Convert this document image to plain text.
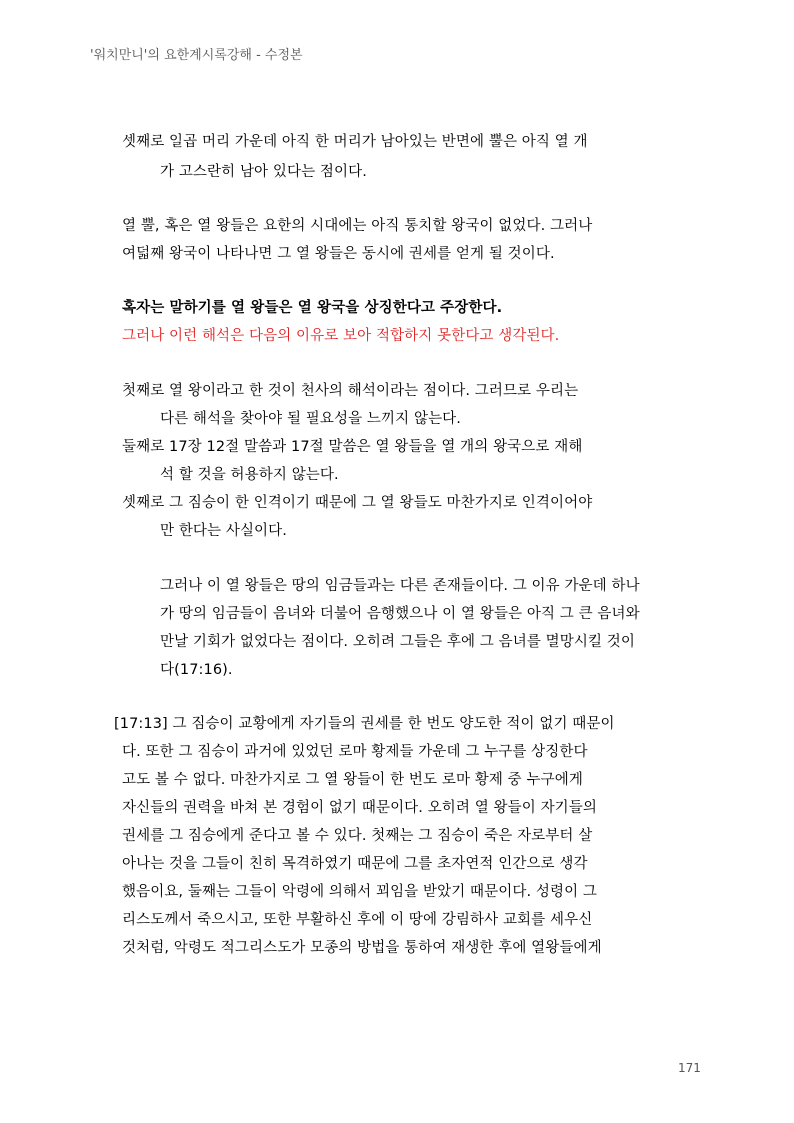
'워치만니'의 요한계시록강해 - 수정본
셋째로 일곱 머리 가운데 아직 한 머리가 남아있는 반면에 뿔은 아직 열 개
가 고스란히 남아 있다는 점이다.
열 뿔, 혹은 열 왕들은 요한의 시대에는 아직 통치할 왕국이 없었다. 그러나
여덟째 왕국이 나타나면 그 열 왕들은 동시에 권세를 얻게 될 것이다.
혹자는 말하기를 열 왕들은 열 왕국을 상징한다고 주장한다.
그러나 이런 해석은 다음의 이유로 보아 적합하지 못한다고 생각된다.
첫째로 열 왕이라고 한 것이 천사의 해석이라는 점이다. 그러므로 우리는
다른 해석을 찾아야 될 필요성을 느끼지 않는다.
둘째로 17장 12절 말씀과 17절 말씀은 열 왕들을 열 개의 왕국으로 재해
석 할 것을 허용하지 않는다.
셋째로 그 짐승이 한 인격이기 때문에 그 열 왕들도 마찬가지로 인격이어야
만 한다는 사실이다.
그러나 이 열 왕들은 땅의 임금들과는 다른 존재들이다. 그 이유 가운데 하나
가 땅의 임금들이 음녀와 더불어 음행했으나 이 열 왕들은 아직 그 큰 음녀와
만날 기회가 없었다는 점이다. 오히려 그들은 후에 그 음녀를 멸망시킬 것이
다(17:16).
[17:13] 그 짐승이 교황에게 자기들의 권세를 한 번도 양도한 적이 없기 때문이
다. 또한 그 짐승이 과거에 있었던 로마 황제들 가운데 그 누구를 상징한다
고도 볼 수 없다. 마찬가지로 그 열 왕들이 한 번도 로마 황제 중 누구에게
자신들의 권력을 바쳐 본 경험이 없기 때문이다. 오히려 열 왕들이 자기들의
권세를 그 짐승에게 준다고 볼 수 있다. 첫째는 그 짐승이 죽은 자로부터 살
아나는 것을 그들이 친히 목격하였기 때문에 그를 초자연적 인간으로 생각
했음이요, 둘째는 그들이 악령에 의해서 꾀임을 받았기 때문이다. 성령이 그
리스도께서 죽으시고, 또한 부활하신 후에 이 땅에 강림하사 교회를 세우신
것처럼, 악령도 적그리스도가 모종의 방법을 통하여 재생한 후에 열왕들에게
171
